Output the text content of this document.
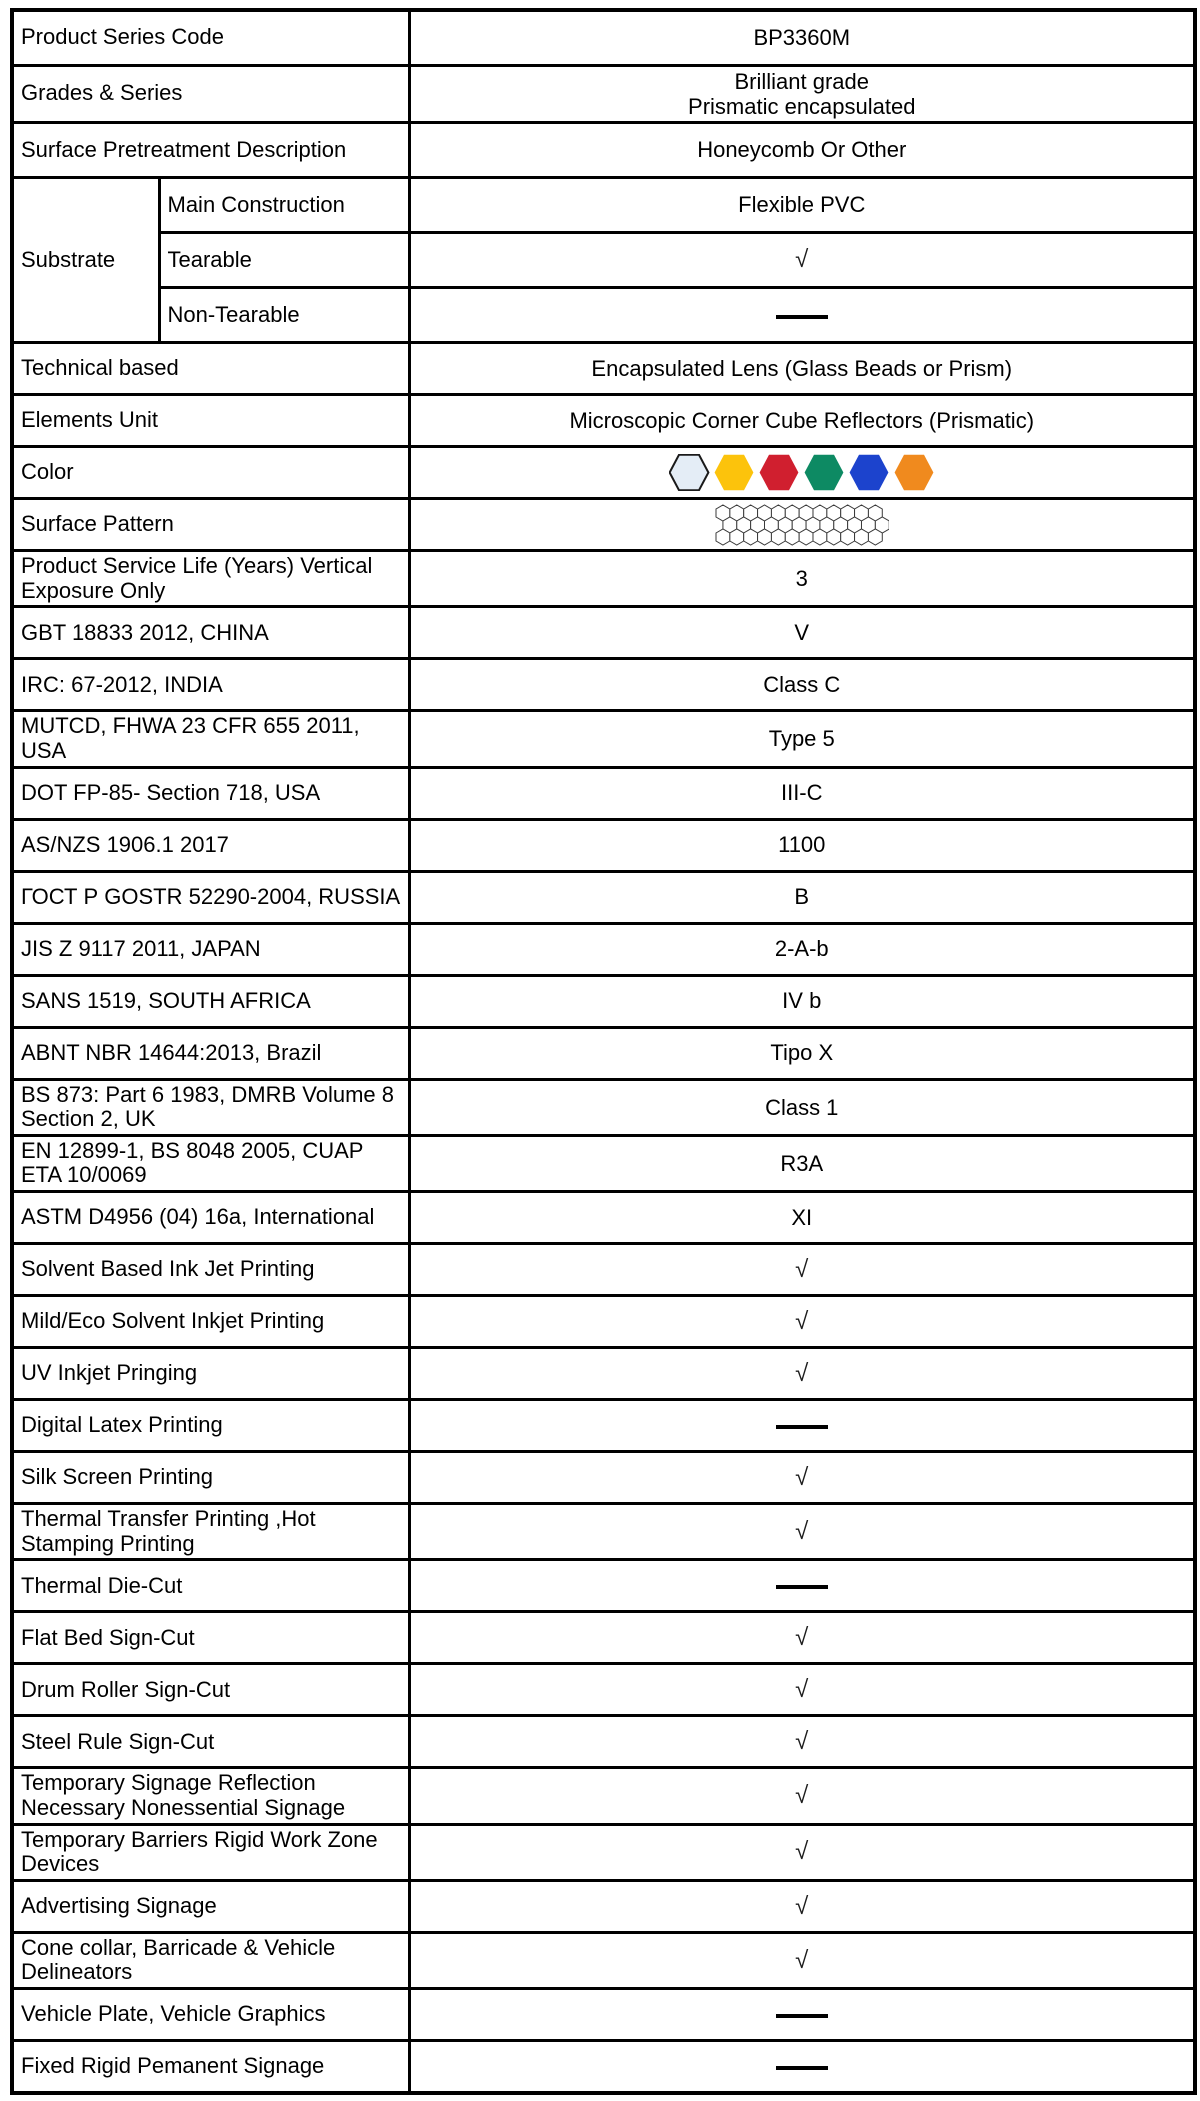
Product Series Code		BP3360M
Grades & Series		Brilliant grade
Prismatic encapsulated

Surface Pretreatment Description		Honeycomb Or Other
Substrate	Main Construction	Flexible PVC
	Tearable	√
	Non-Tearable	
Technical based		Encapsulated Lens (Glass Beads or Prism)
Elements Unit		Microscopic Corner Cube Reflectors (Prismatic)
Color	

Surface Pattern	

Product Service Life (Years) Vertical Exposure Only		3
GBT 18833 2012, CHINA		V
IRC: 67-2012, INDIA		Class C
MUTCD, FHWA 23 CFR 655 2011, USA		Type 5
DOT FP-85- Section 718, USA		III-C
AS/NZS 1906.1 2017		1100
ГОСТ Р GOSTR 52290-2004, RUSSIA		B
JIS Z 9117 2011, JAPAN		2-A-b
SANS 1519, SOUTH AFRICA		IV b
ABNT NBR 14644:2013, Brazil		Tipo X
BS 873: Part 6 1983, DMRB Volume 8 Section 2, UK		Class 1
EN 12899-1, BS 8048 2005, CUAP ETA 10/0069		R3A
ASTM D4956 (04) 16a, International		XI
Solvent Based Ink Jet Printing		√
Mild/Eco Solvent Inkjet Printing		√
UV Inkjet Pringing		√
Digital Latex Printing		
Silk Screen Printing		√
Thermal Transfer Printing ,Hot Stamping Printing		√
Thermal Die-Cut		
Flat Bed Sign-Cut		√
Drum Roller Sign-Cut		√
Steel Rule Sign-Cut		√
Temporary Signage Reflection Necessary Nonessential Signage		√
Temporary Barriers Rigid Work Zone Devices		√
Advertising Signage		√
Cone collar, Barricade & Vehicle Delineators		√
Vehicle Plate, Vehicle Graphics		
Fixed Rigid Pemanent Signage		
